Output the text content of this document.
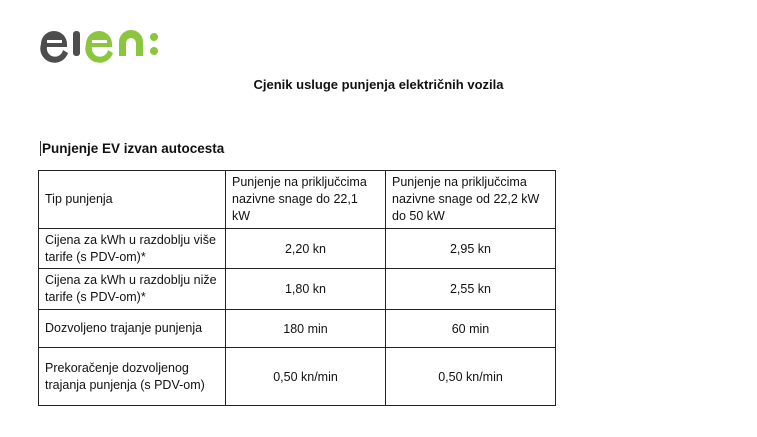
Cjenik usluge punjenja električnih vozila
Punjenje EV izvan autocesta
Tip punjenja	Punjenje na priključcima nazivne snage do 22,1 kW	Punjenje na priključcima nazivne snage od 22,2 kW do 50 kW
Cijena za kWh u razdoblju više tarife (s PDV-om)*	2,20 kn	2,95 kn
Cijena za kWh u razdoblju niže tarife (s PDV-om)*	1,80 kn	2,55 kn
Dozvoljeno trajanje punjenja	180 min	60 min
Prekoračenje dozvoljenog trajanja punjenja (s PDV-om)	0,50 kn/min	0,50 kn/min
